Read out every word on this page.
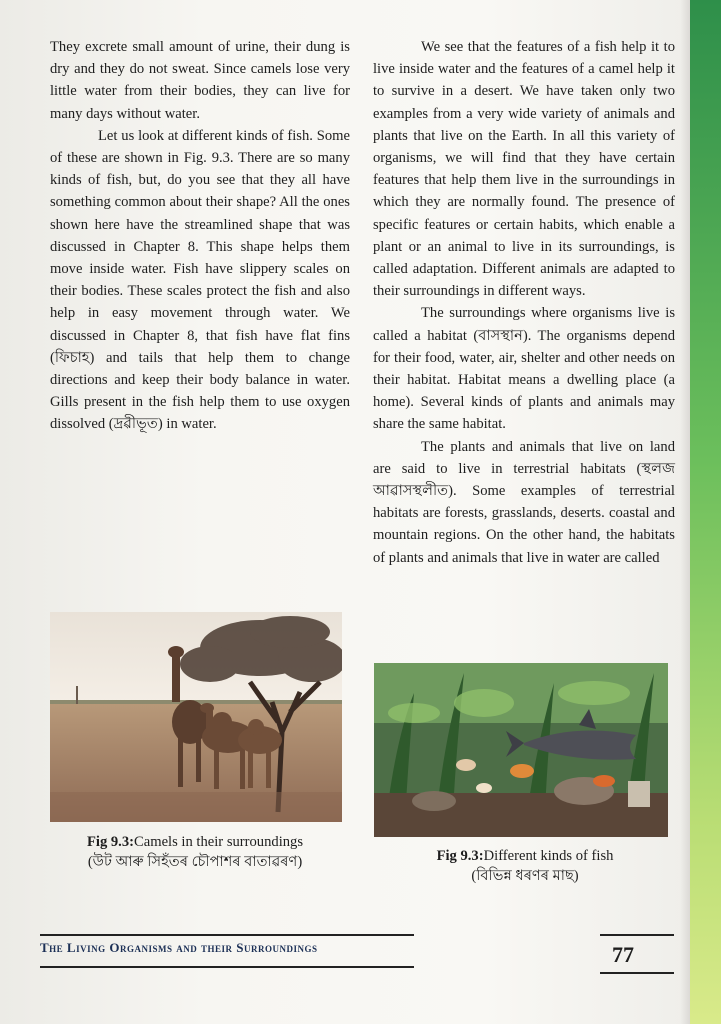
They excrete small amount of urine, their dung is dry and they do not sweat. Since camels lose very little water from their bodies, they can live for many days without water.

Let us look at different kinds of fish. Some of these are shown in Fig. 9.3. There are so many kinds of fish, but, do you see that they all have something common about their shape? All the ones shown here have the streamlined shape that was discussed in Chapter 8. This shape helps them move inside water. Fish have slippery scales on their bodies. These scales protect the fish and also help in easy movement through water. We discussed in Chapter 8, that fish have flat fins (ফিচাহ) and tails that help them to change directions and keep their body balance in water. Gills present in the fish help them to use oxygen dissolved (দ্ৰৱীভূত) in water.

We see that the features of a fish help it to live inside water and the features of a camel help it to survive in a desert. We have taken only two examples from a very wide variety of animals and plants that live on the Earth. In all this variety of organisms, we will find that they have certain features that help them live in the surroundings in which they are normally found. The presence of specific features or certain habits, which enable a plant or an animal to live in its surroundings, is called adaptation. Different animals are adapted to their surroundings in different ways.

The surroundings where organisms live is called a habitat (বাসস্থান). The organisms depend for their food, water, air, shelter and other needs on their habitat. Habitat means a dwelling place (a home). Several kinds of plants and animals may share the same habitat.

The plants and animals that live on land are said to live in terrestrial habitats (স্থলজ আৱাসস্থলীত). Some examples of terrestrial habitats are forests, grasslands, deserts. coastal and mountain regions. On the other hand, the habitats of plants and animals that live in water are called

Fig 9.3:Camels in their surroundings
(উট আৰু সিহঁতৰ চৌপাশৰ বাতাৱৰণ)	Fig 9.3:Different kinds of fish
(বিভিন্ন ধৰণৰ মাছ)
The Living Organisms and their Surroundings	77
